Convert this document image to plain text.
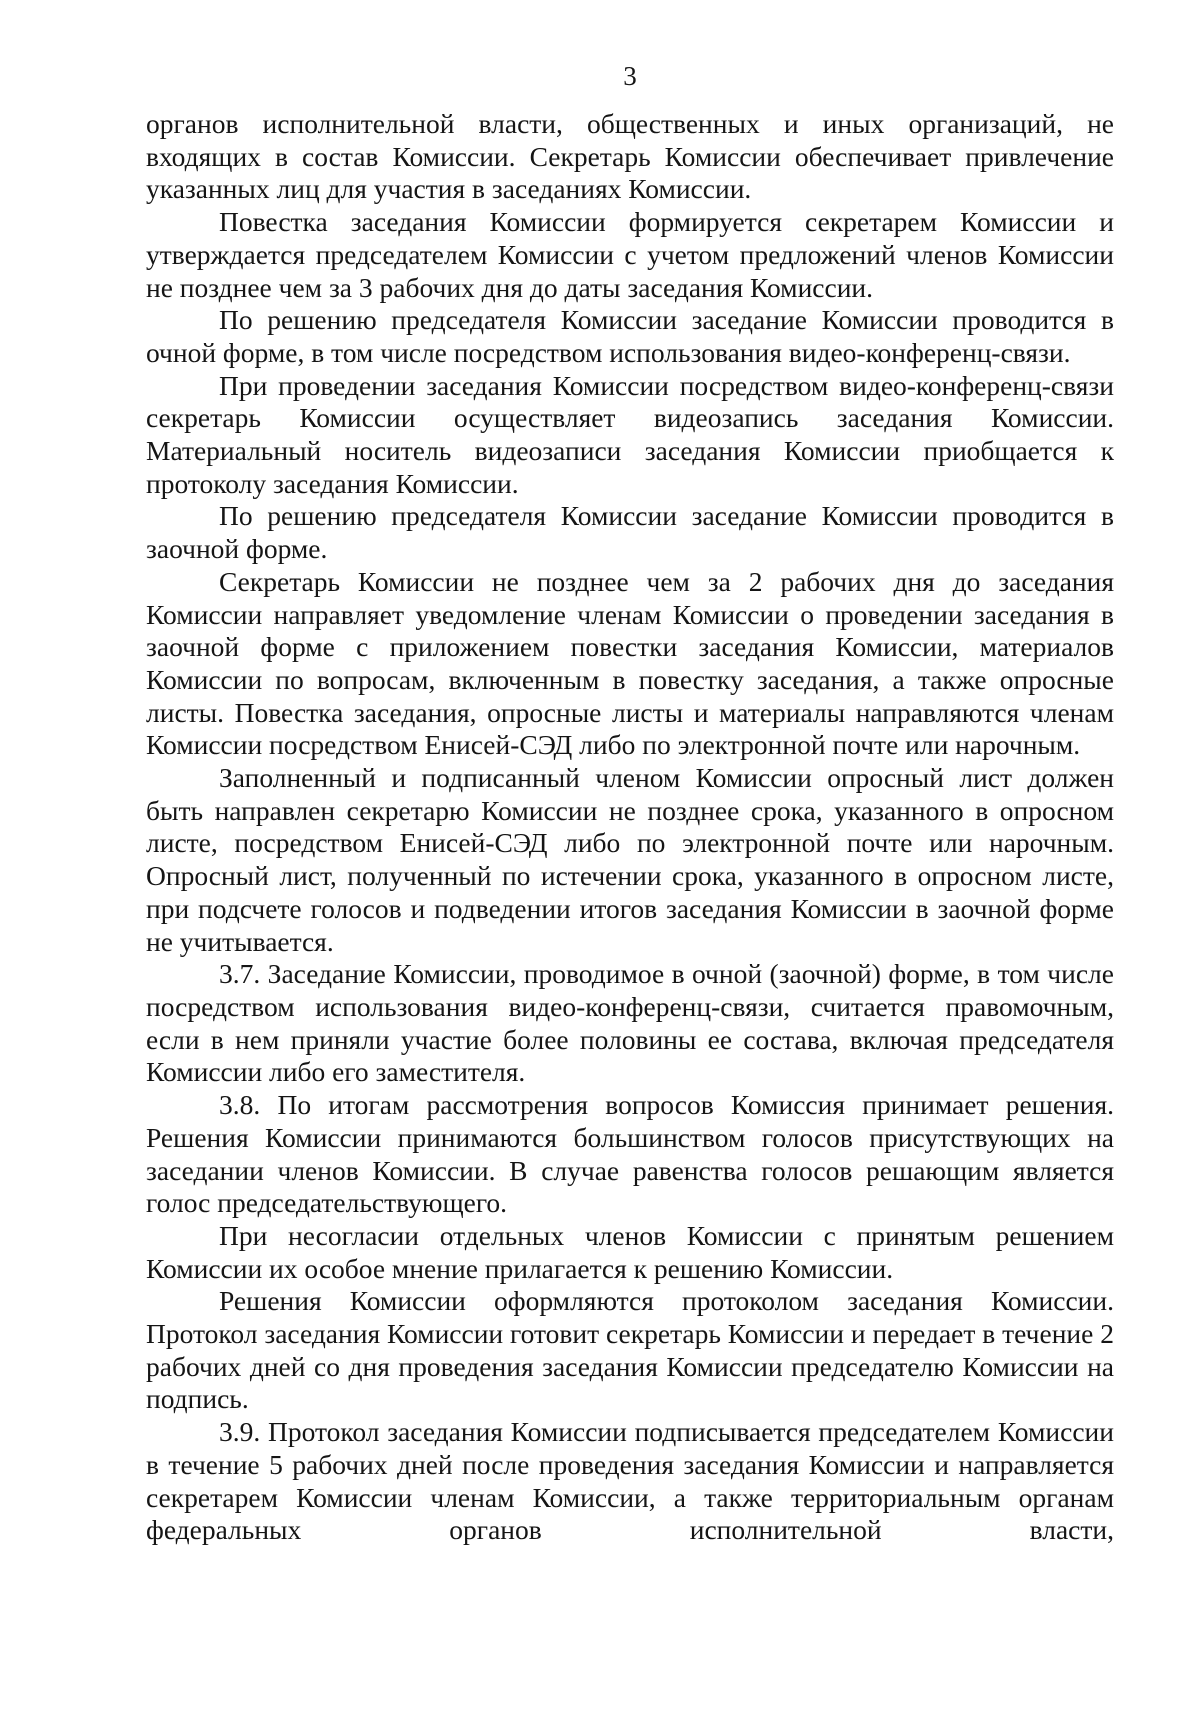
3

органов исполнительной власти, общественных и иных организаций, не входящих в состав Комиссии. Секретарь Комиссии обеспечивает привлечение указанных лиц для участия в заседаниях Комиссии.

Повестка заседания Комиссии формируется секретарем Комиссии и утверждается председателем Комиссии с учетом предложений членов Комиссии не позднее чем за 3 рабочих дня до даты заседания Комиссии.

По решению председателя Комиссии заседание Комиссии проводится в очной форме, в том числе посредством использования видео-конференц-связи.

При проведении заседания Комиссии посредством видео-конференц-связи секретарь Комиссии осуществляет видеозапись заседания Комиссии. Материальный носитель видеозаписи заседания Комиссии приобщается к протоколу заседания Комиссии.

По решению председателя Комиссии заседание Комиссии проводится в заочной форме.

Секретарь Комиссии не позднее чем за 2 рабочих дня до заседания Комиссии направляет уведомление членам Комиссии о проведении заседания в заочной форме с приложением повестки заседания Комиссии, материалов Комиссии по вопросам, включенным в повестку заседания, а также опросные листы. Повестка заседания, опросные листы и материалы направляются членам Комиссии посредством Енисей-СЭД либо по электронной почте или нарочным.

Заполненный и подписанный членом Комиссии опросный лист должен быть направлен секретарю Комиссии не позднее срока, указанного в опросном листе, посредством Енисей-СЭД либо по электронной почте или нарочным. Опросный лист, полученный по истечении срока, указанного в опросном листе, при подсчете голосов и подведении итогов заседания Комиссии в заочной форме не учитывается.

3.7. Заседание Комиссии, проводимое в очной (заочной) форме, в том числе посредством использования видео-конференц-связи, считается правомочным, если в нем приняли участие более половины ее состава, включая председателя Комиссии либо его заместителя.

3.8. По итогам рассмотрения вопросов Комиссия принимает решения. Решения Комиссии принимаются большинством голосов присутствующих на заседании членов Комиссии. В случае равенства голосов решающим является голос председательствующего.

При несогласии отдельных членов Комиссии с принятым решением Комиссии их особое мнение прилагается к решению Комиссии.

Решения Комиссии оформляются протоколом заседания Комиссии. Протокол заседания Комиссии готовит секретарь Комиссии и передает в течение 2 рабочих дней со дня проведения заседания Комиссии председателю Комиссии на подпись.

3.9. Протокол заседания Комиссии подписывается председателем Комиссии в течение 5 рабочих дней после проведения заседания Комиссии и направляется секретарем Комиссии членам Комиссии, а также территориальным органам федеральных органов исполнительной власти,
